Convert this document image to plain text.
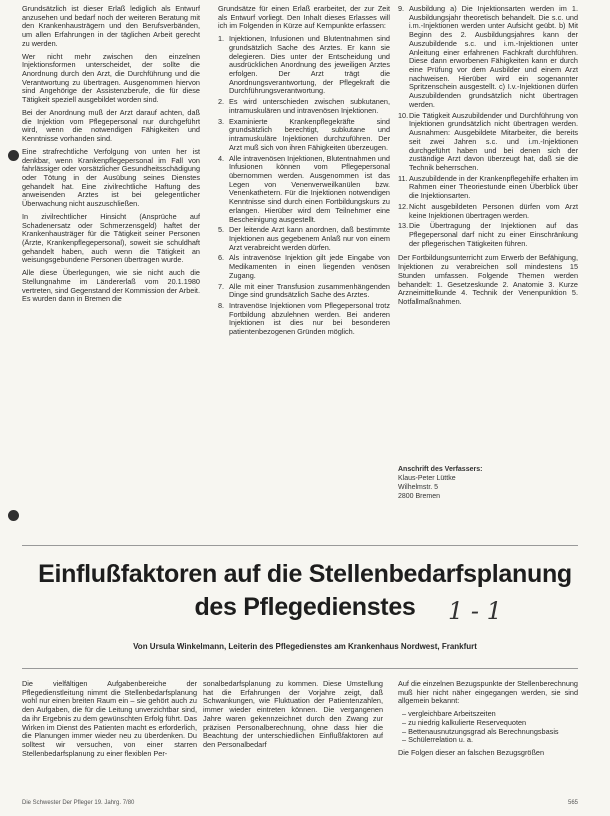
Grundsätzlich ist dieser Erlaß lediglich als Entwurf anzusehen und bedarf noch der weiteren Beratung mit den Krankenhausträgern und den Berufsverbänden, um allen Erfahrungen in der täglichen Arbeit gerecht zu werden.

Wer nicht mehr zwischen den einzelnen Injektionsformen unterscheidet, der sollte die Anordnung durch den Arzt, die Durchführung und die Verantwortung zu übertragen. Ausgenommen hiervon sind Angehörige der Assistenzberufe, die für diese Tätigkeit speziell ausgebildet worden sind.

Bei der Anordnung muß der Arzt darauf achten, daß die Injektion vom Pflegepersonal nur durchgeführt wird, wenn die notwendigen Fähigkeiten und Kenntnisse vorhanden sind.

Eine strafrechtliche Verfolgung von unten her ist denkbar, wenn Krankenpflegepersonal im Fall von fahrlässiger oder vorsätzlicher Gesundheitsschädigung oder Tötung in der Ausübung seines Dienstes gehandelt hat. Eine zivilrechtliche Haftung des anweisenden Arztes ist bei gelegentlicher Überwachung nicht auszuschließen.

In zivilrechtlicher Hinsicht (Ansprüche auf Schadenersatz oder Schmerzensgeld) haftet der Krankenhausträger für die Tätigkeit seiner Personen (Ärzte, Krankenpflegepersonal), soweit sie schuldhaft gehandelt haben, auch wenn die Tätigkeit an weisungsgebundene Personen übertragen wurde.

Alle diese Überlegungen, wie sie nicht auch die Stellungnahme im Ländererlaß vom 20.1.1980 vertreten, sind Gegenstand der Kommission der Arbeit. Es wurden dann in Bremen die

Grundsätze für einen Erlaß erarbeitet, der zur Zeit als Entwurf vorliegt. Den Inhalt dieses Erlasses will ich im Folgenden in Kürze auf Kernpunkte erfassen:

1. Injektionen, Infusionen und Blutentnahmen sind grundsätzlich Sache des Arztes. Er kann sie delegieren. Dies unter der Entscheidung und ausdrücklichen Anordnung des jeweiligen Arztes erfolgen. Der Arzt trägt die Anordnungsverantwortung, der Pflegekraft die Durchführungsverantwortung.
2. Es wird unterschieden zwischen subkutanen, intramuskulären und intravenösen Injektionen.
3. Examinierte Krankenpflegekräfte sind grundsätzlich berechtigt, subkutane und intramuskuläre Injektionen durchzuführen. Der Arzt muß sich von ihren Fähigkeiten überzeugen.
4. Alle intravenösen Injektionen, Blutentnahmen und Infusionen können vom Pflegepersonal übernommen werden. Ausgenommen ist das Legen von Venenverweilkanülen bzw. Venenkathetern. Für die Injektionen notwendigen Kenntnisse sind durch einen Fortbildungskurs zu erlangen. Hierüber wird dem Teilnehmer eine Bescheinigung ausgestellt.
5. Der leitende Arzt kann anordnen, daß bestimmte Injektionen aus gegebenem Anlaß nur von einem Arzt verabreicht werden dürfen.
6. Als intravenöse Injektion gilt jede Eingabe von Medikamenten in einen liegenden venösen Zugang.
7. Alle mit einer Transfusion zusammenhängenden Dinge sind grundsätzlich Sache des Arztes.
8. Intravenöse Injektionen vom Pflegepersonal trotz Fortbildung abzulehnen werden. Bei anderen Injektionen ist dies nur bei besonderen patientenbezogenen Gründen möglich.
9. Ausbildung a) Die Injektionsarten werden im 1. Ausbildungsjahr theoretisch behandelt. Die s.c. und i.m.-Injektionen werden unter Aufsicht geübt. b) Mit Beginn des 2. Ausbildungsjahres kann der Auszubildende s.c. und i.m.-Injektionen unter Anleitung einer erfahrenen Fachkraft durchführen. Diese dann erworbenen Fähigkeiten kann er durch eine Prüfung vor dem Ausbilder und einem Arzt nachweisen. Hierüber wird ein sogenannter Spritzenschein ausgestellt. c) I.v.-Injektionen dürfen Auszubildenden grundsätzlich nicht übertragen werden.
10. Die Tätigkeit Auszubildender und Durchführung von Injektionen grundsätzlich nicht übertragen werden. Ausnahmen: Ausgebildete Mitarbeiter, die bereits seit zwei Jahren s.c. und i.m.-Injektionen durchgeführt haben und bei denen sich der zuständige Arzt davon überzeugt hat, daß sie die Technik beherrschen.
11. Auszubildende in der Krankenpflegehilfe erhalten im Rahmen einer Theoriestunde einen Überblick über die Injektionsarten.
12. Nicht ausgebildeten Personen dürfen vom Arzt keine Injektionen übertragen werden.
13. Die Übertragung der Injektionen auf das Pflegepersonal darf nicht zu einer Einschränkung der pflegerischen Tätigkeiten führen.

Der Fortbildungsunterricht zum Erwerb der Befähigung, Injektionen zu verabreichen soll mindestens 15 Stunden umfassen. Folgende Themen werden behandelt: 1. Gesetzeskunde 2. Anatomie 3. Kurze Arzneimittelkunde 4. Technik der Venenpunktion 5. Notfallmaßnahmen.

Anschrift des Verfassers:
Klaus-Peter Lüttke
Wilhelmstr. 5
2800 Bremen
Einflußfaktoren auf die Stellenbedarfsplanung
des Pflegedienstes	1 - 1
Von Ursula Winkelmann, Leiterin des Pflegedienstes am Krankenhaus Nordwest, Frankfurt

Die vielfältigen Aufgabenbereiche der Pflegedienstleitung nimmt die Stellenbedarfsplanung wohl nur einen breiten Raum ein – sie gehört auch zu den Aufgaben, die für die Leitung unverzichtbar sind, da ihr Ergebnis zu dem gewünschten Erfolg führt. Das Wirken im Dienst des Patienten macht es erforderlich, die Planungen immer wieder neu zu überdenken. Du solltest wir versuchen, von einer starren Stellenbedarfsplanung zu einer flexiblen Per-

sonalbedarfsplanung zu kommen. Diese Umstellung hat die Erfahrungen der Vorjahre zeigt, daß Schwankungen, wie Fluktuation der Patientenzahlen, immer wieder eintreten können. Die vergangenen Jahre waren gekennzeichnet durch den Zwang zur präzisen Personalberechnung, ohne dass hier die Beachtung der unterschiedlichen Einflußfaktoren auf den Personalbedarf

Auf die einzelnen Bezugspunkte der Stellenberechnung muß hier nicht näher eingegangen werden, sie sind allgemein bekannt:

– vergleichbare Arbeitszeiten
– zu niedrig kalkulierte Reservequoten
– Bettenausnutzungsgrad als Berechnungsbasis
– Schülerrelation u. a.

Die Folgen dieser an falschen Bezugsgrößen

Die Schwester Der Pfleger 19. Jahrg. 7/80	565
